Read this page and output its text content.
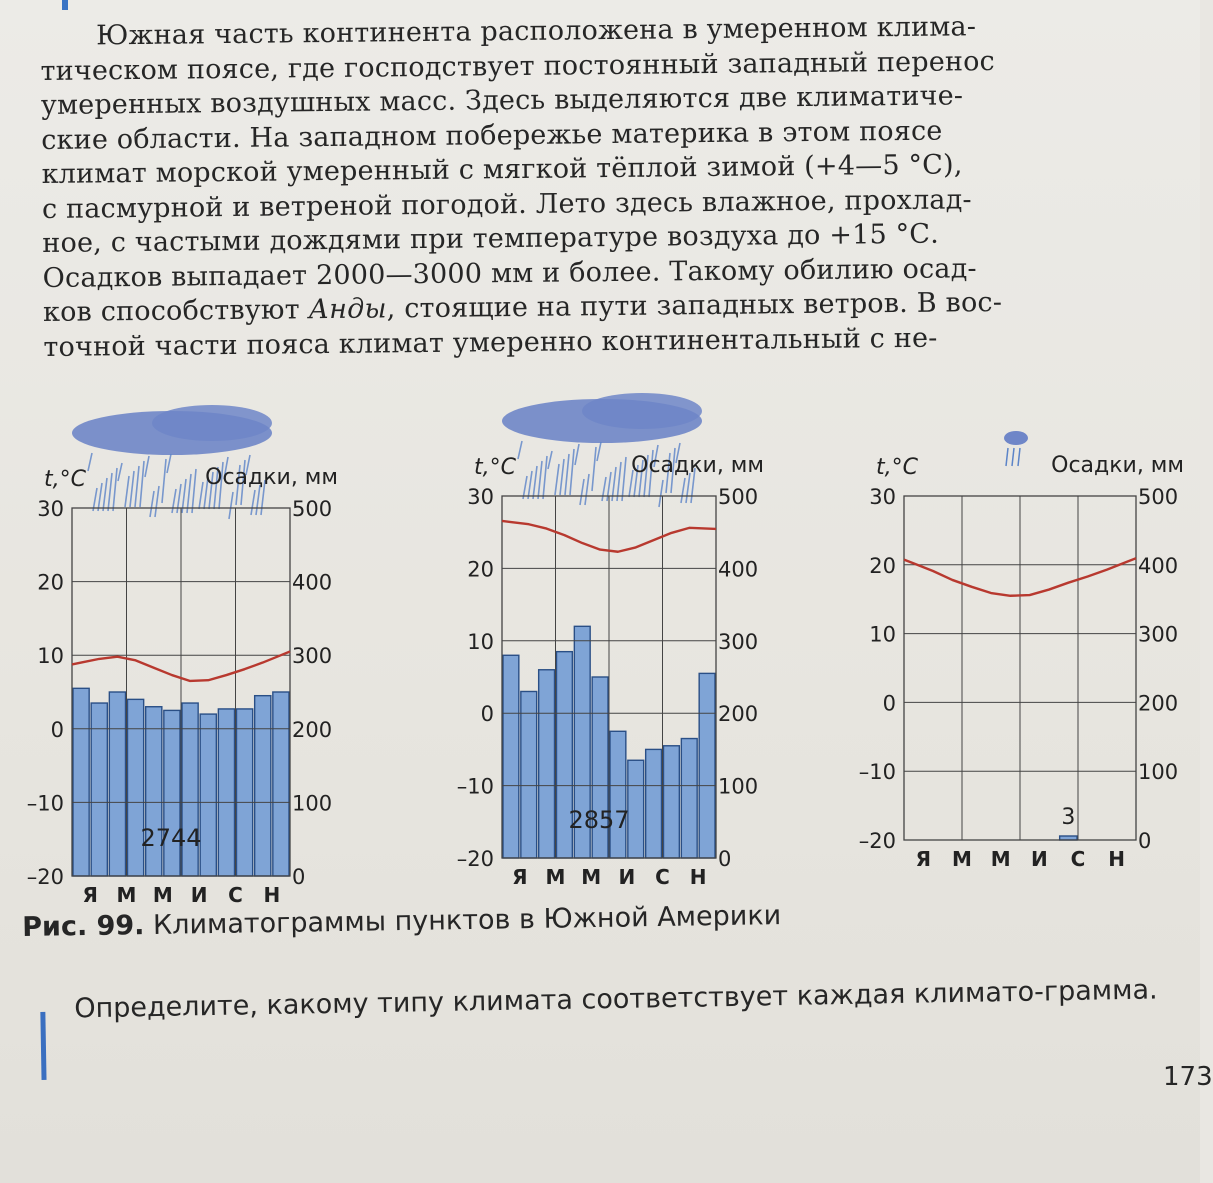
Южная часть континента расположена в умеренном клима-

тическом поясе, где господствует постоянный западный перенос

умеренных воздушных масс. Здесь выделяются две климатиче-

ские области. На западном побережье материка в этом поясе

климат морской умеренный с мягкой тёплой зимой (+4—5 °С),

с пасмурной и ветреной погодой. Лето здесь влажное, прохлад-

ное, с частыми дождями при температуре воздуха до +15 °С.

Осадков выпадает 2000—3000 мм и более. Такому обилию осад-

ков способствуют Анды, стоящие на пути западных ветров. В вос-

точной части пояса климат умеренно континентальный с не-

30
20
10
0
–10
–20
500
400
300
200
100
0
t,°C	Осадки, мм
Я М М И С Н
2744
30
20
10
0
–10
–20
500
400
300
200
100
0
t,°C	Осадки, мм
Я М М И С Н
2857
30
20
10
0
–10
–20
500
400
300
200
100
0
t,°C	Осадки, мм
Я М М И С Н
3
Рис. 99. Климатограммы пунктов в Южной Америки
Определите, какому типу климата соответствует каждая климато-грамма.
173
